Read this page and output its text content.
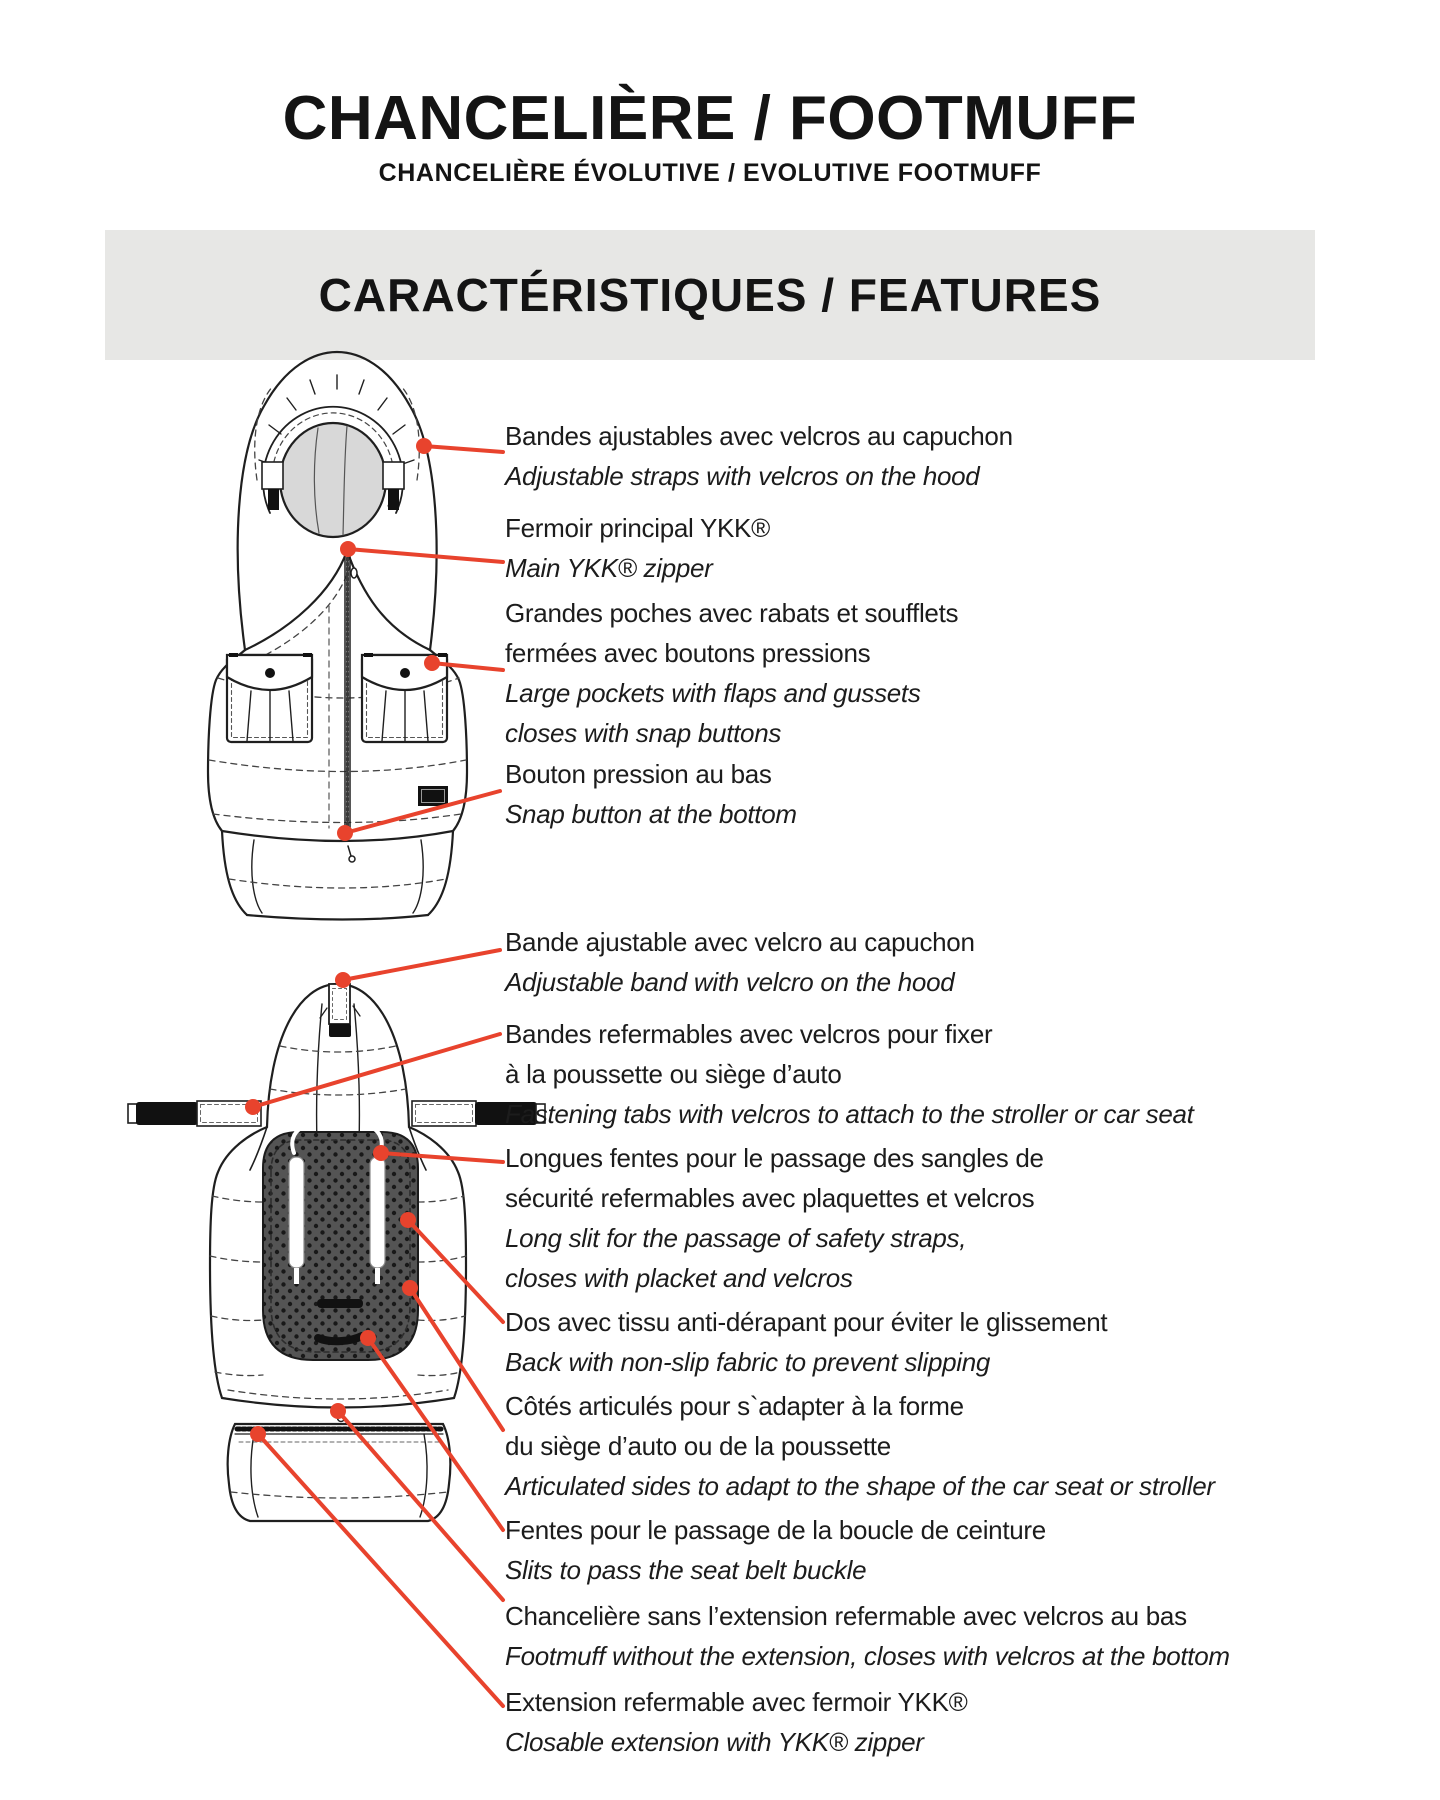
CHANCELIÈRE / FOOTMUFF
CHANCELIÈRE ÉVOLUTIVE / EVOLUTIVE FOOTMUFF
CARACTÉRISTIQUES / FEATURES
Bandes ajustables avec velcros au capuchon
Adjustable straps with velcros on the hood
Fermoir principal YKK®
Main YKK® zipper
Grandes poches avec rabats et soufflets
fermées avec boutons pressions
Large pockets with flaps and gussets
closes with snap buttons
Bouton pression au bas
Snap button at the bottom
Bande ajustable avec velcro au capuchon
Adjustable band with velcro on the hood
Bandes refermables avec velcros pour fixer
à la poussette ou siège d’auto
Fastening tabs with velcros to attach to the stroller or car seat
Longues fentes pour le passage des sangles de
sécurité refermables avec plaquettes et velcros
Long slit for the passage of safety straps,
closes with placket and velcros
Dos avec tissu anti-dérapant pour éviter le glissement
Back with non-slip fabric to prevent slipping
Côtés articulés pour s`adapter à la forme
du siège d’auto ou de la poussette
Articulated sides to adapt to the shape of the car seat or stroller
Fentes pour le passage de la boucle de ceinture
Slits to pass the seat belt buckle
Chancelière sans l’extension refermable avec velcros au bas
Footmuff without the extension, closes with velcros at the bottom
Extension refermable avec fermoir YKK®
Closable extension with YKK® zipper
